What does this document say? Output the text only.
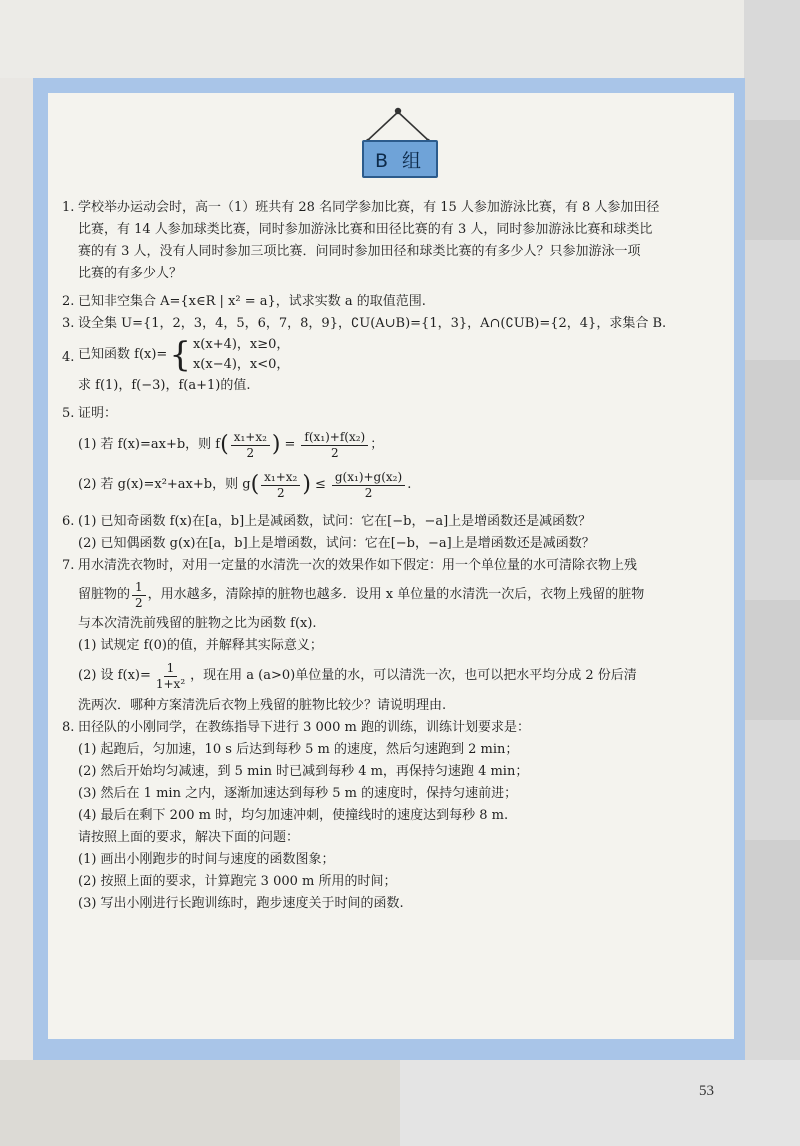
B 组
1. 学校举办运动会时，高一（1）班共有 28 名同学参加比赛，有 15 人参加游泳比赛，有 8 人参加田径

比赛，有 14 人参加球类比赛，同时参加游泳比赛和田径比赛的有 3 人，同时参加游泳比赛和球类比

赛的有 3 人，没有人同时参加三项比赛．问同时参加田径和球类比赛的有多少人？只参加游泳一项

比赛的有多少人？

2. 已知非空集合 A={x∈R | x² = a}，试求实数 a 的取值范围.

3. 设全集 U={1，2，3，4，5，6，7，8，9}，∁U(A∪B)={1，3}，A∩(∁UB)={2，4}，求集合 B.

4. 已知函数 f(x)= { x(x+4)，x≥0，
x(x−4)，x<0，

求 f(1)，f(−3)，f(a+1)的值.

5. 证明：

(1) 若 f(x)=ax+b，则 f ( $\frac{\text{x₁+x₂}}{2}$ ) = $\frac{\text{f(x₁)+f(x₂)}}{2}$ ；
(2) 若 g(x)=x²+ax+b，则 g ( $\frac{\text{x₁+x₂}}{2}$ ) ≤ $\frac{\text{g(x₁)+g(x₂)}}{2}$ .
6. (1) 已知奇函数 f(x)在[a，b]上是减函数，试问：它在[−b，−a]上是增函数还是减函数？

(2) 已知偶函数 g(x)在[a，b]上是增函数，试问：它在[−b，−a]上是增函数还是减函数？

7. 用水清洗衣物时，对用一定量的水清洗一次的效果作如下假定：用一个单位量的水可清除衣物上残

留脏物的 $\frac{1}{2}$ ，用水越多，清除掉的脏物也越多．设用 x 单位量的水清洗一次后，衣物上残留的脏物

与本次清洗前残留的脏物之比为函数 f(x).

(1) 试规定 f(0)的值，并解释其实际意义；

(2) 设 $f(x)= \frac{1}{\text{1+x²}}$ ，现在用 a (a>0)单位量的水，可以清洗一次，也可以把水平均分成 2 份后清

洗两次．哪种方案清洗后衣物上残留的脏物比较少？请说明理由.

8. 田径队的小刚同学，在教练指导下进行 3 000 m 跑的训练，训练计划要求是：

(1) 起跑后，匀加速，10 s 后达到每秒 5 m 的速度，然后匀速跑到 2 min；

(2) 然后开始均匀减速，到 5 min 时已减到每秒 4 m，再保持匀速跑 4 min；

(3) 然后在 1 min 之内，逐渐加速达到每秒 5 m 的速度时，保持匀速前进；

(4) 最后在剩下 200 m 时，均匀加速冲刺，使撞线时的速度达到每秒 8 m.

请按照上面的要求，解决下面的问题：

(1) 画出小刚跑步的时间与速度的函数图象；

(2) 按照上面的要求，计算跑完 3 000 m 所用的时间；

(3) 写出小刚进行长跑训练时，跑步速度关于时间的函数.

53
